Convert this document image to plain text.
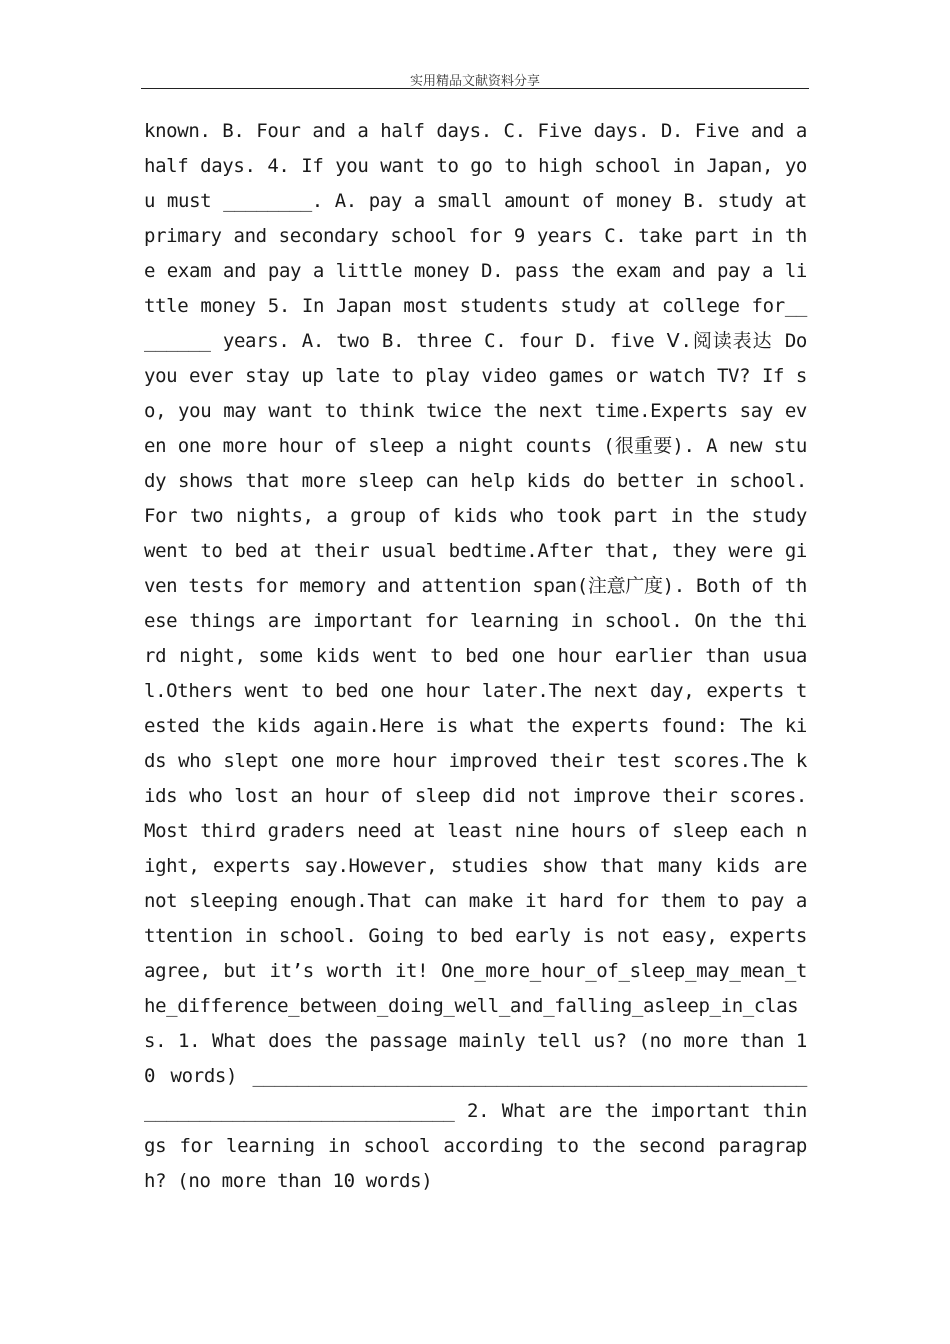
实用精品文献资料分享

known. B. Four and a half days. C. Five days. D. Five and a half days. 4. If you want to go to high school in Japan, you must ________. A. pay a small amount of money B. study at primary and secondary school for 9 years C. take part in the exam and pay a little money D. pass the exam and pay a little money 5. In Japan most students study at college for________ years. A. two B. three C. four D. five Ⅴ.阅读表达 Do you ever stay up late to play video games or watch TV? If so, you may want to think twice the next time.Experts say even one more hour of sleep a night counts (很重要). A new study shows that more sleep can help kids do better in school. For two nights, a group of kids who took part in the study went to bed at their usual bedtime.After that, they were given tests for memory and attention span(注意广度). Both of these things are important for learning in school. On the third night, some kids went to bed one hour earlier than usual.Others went to bed one hour later.The next day, experts tested the kids again.Here is what the experts found: The kids who slept one more hour improved their test scores.The kids who lost an hour of sleep did not improve their scores. Most third graders need at least nine hours of sleep each night, experts say.However, studies show that many kids are not sleeping enough.That can make it hard for them to pay attention in school. Going to bed early is not easy, experts agree, but it’s worth it! One_more_hour_of_sleep_may_mean_the_difference_between_doing_well_and_falling_asleep_in_class. 1. What does the passage mainly tell us? (no more than 10 words) ______________________________________________________________________________ 2. What are the important things for learning in school according to the second paragraph? (no more than 10 words)
